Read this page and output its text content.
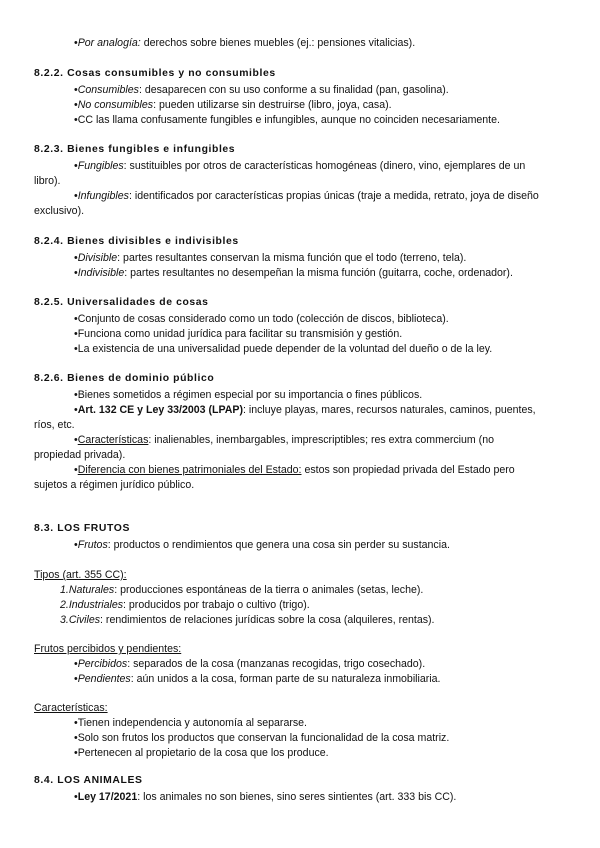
•Por analogía: derechos sobre bienes muebles (ej.: pensiones vitalicias).
8.2.2. Cosas consumibles y no consumibles
•Consumibles: desaparecen con su uso conforme a su finalidad (pan, gasolina).
•No consumibles: pueden utilizarse sin destruirse (libro, joya, casa).
•CC las llama confusamente fungibles e infungibles, aunque no coinciden necesariamente.
8.2.3. Bienes fungibles e infungibles
•Fungibles: sustituibles por otros de características homogéneas (dinero, vino, ejemplares de un
libro).
•Infungibles: identificados por características propias únicas (traje a medida, retrato, joya de diseño
exclusivo).
8.2.4. Bienes divisibles e indivisibles
•Divisible: partes resultantes conservan la misma función que el todo (terreno, tela).
•Indivisible: partes resultantes no desempeñan la misma función (guitarra, coche, ordenador).
8.2.5. Universalidades de cosas
•Conjunto de cosas considerado como un todo (colección de discos, biblioteca).
•Funciona como unidad jurídica para facilitar su transmisión y gestión.
•La existencia de una universalidad puede depender de la voluntad del dueño o de la ley.
8.2.6. Bienes de dominio público
•Bienes sometidos a régimen especial por su importancia o fines públicos.
•Art. 132 CE y Ley 33/2003 (LPAP): incluye playas, mares, recursos naturales, caminos, puentes,
ríos, etc.
•Características: inalienables, inembargables, imprescriptibles; res extra commercium (no
propiedad privada).
•Diferencia con bienes patrimoniales del Estado: estos son propiedad privada del Estado pero
sujetos a régimen jurídico público.
8.3. LOS FRUTOS
•Frutos: productos o rendimientos que genera una cosa sin perder su sustancia.
Tipos (art. 355 CC):
1.Naturales: producciones espontáneas de la tierra o animales (setas, leche).
2.Industriales: producidos por trabajo o cultivo (trigo).
3.Civiles: rendimientos de relaciones jurídicas sobre la cosa (alquileres, rentas).
Frutos percibidos y pendientes:
•Percibidos: separados de la cosa (manzanas recogidas, trigo cosechado).
•Pendientes: aún unidos a la cosa, forman parte de su naturaleza inmobiliaria.
Características:
•Tienen independencia y autonomía al separarse.
•Solo son frutos los productos que conservan la funcionalidad de la cosa matriz.
•Pertenecen al propietario de la cosa que los produce.
8.4. LOS ANIMALES
•Ley 17/2021: los animales no son bienes, sino seres sintientes (art. 333 bis CC).
